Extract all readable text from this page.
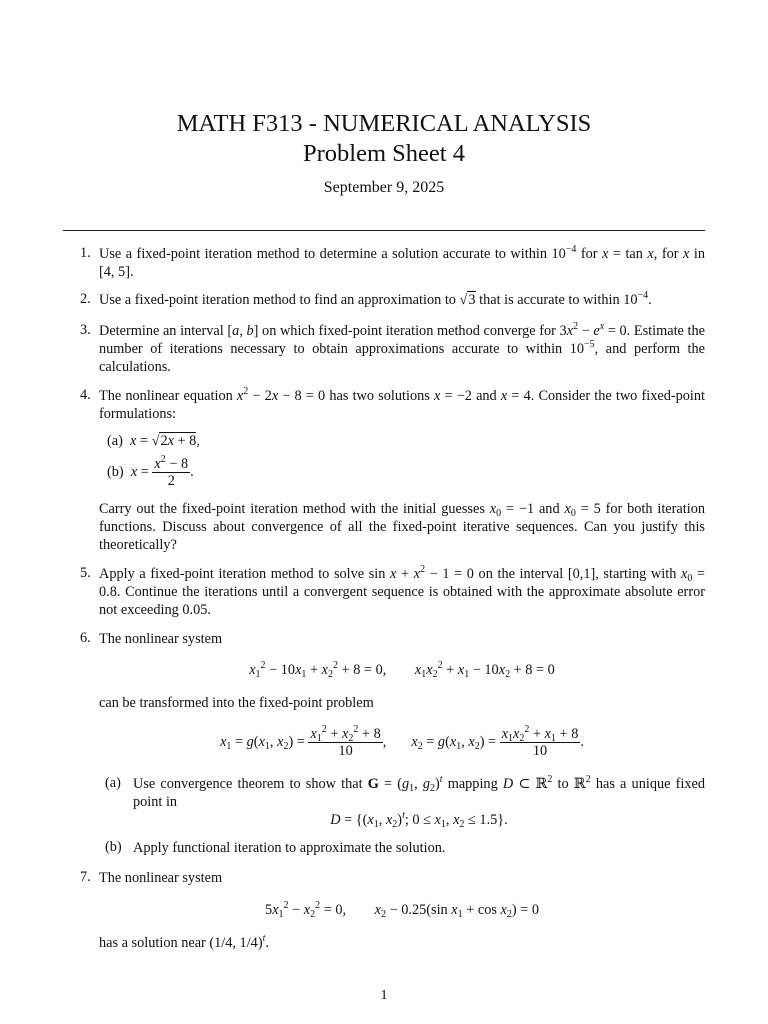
MATH F313 - NUMERICAL ANALYSIS
Problem Sheet 4
September 9, 2025
1. Use a fixed-point iteration method to determine a solution accurate to within $10^{-4}$ for x = tan x, for x in [4, 5].
2. Use a fixed-point iteration method to find an approximation to √3 that is accurate to within $10^{-4}$.
3. Determine an interval [a, b] on which fixed-point iteration method converge for $3x^2 - e^x = 0$. Estimate the number of iterations necessary to obtain approximations accurate to within $10^{-5}$, and perform the calculations.
4. The nonlinear equation $x^2 - 2x - 8 = 0$ has two solutions x = −2 and x = 4. Consider the two fixed-point formulations:
(a) x = √2x + 8,
(b) $x = \frac{x^2 - 8}{2}$ .
Carry out the fixed-point iteration method with the initial guesses $x_0 = -1$ and $x_0 = 5$ for both iteration functions. Discuss about convergence of all the fixed-point iterative sequences. Can you justify this theoretically?
5. Apply a fixed-point iteration method to solve $\sin x + x^2 - 1 = 0$ on the interval [0,1], starting with $x_0 = 0.8$. Continue the iterations until a convergent sequence is obtained with the approximate absolute error not exceeding 0.05.
6. The nonlinear system
$x_1^2 - 10x_1 + x_2^2 + 8 = 0$,        $x_1x_2^2 + x_1 - 10x_2 + 8 = 0$
can be transformed into the fixed-point problem
$x_1 = g(x_1$, $x_2) = \frac{x_1^2 + x_2^2 + 8}{10}$ ,       $x_2 = g(x_1$, $x_2) = \frac{x_1x_2^2 + x_1 + 8}{10}$ .
(a) Use convergence theorem to show that $G = (g_1$, $g_2)^t$ mapping D ⊂ ℝ$^2$ to ℝ$^2$ has a unique fixed point in
$D = \{(x_1$, $x_2)^t$; $0 \le x_1$, $x_2 \le 1.5$}.
(b) Apply functional iteration to approximate the solution.
7. The nonlinear system
$5x_1^2 - x_2^2 = 0$,        $x_2 - 0.25(\sin$ $x_1 + \cos x_2) = 0$
has a solution near (1/4, 1/4)$^t$.
1
